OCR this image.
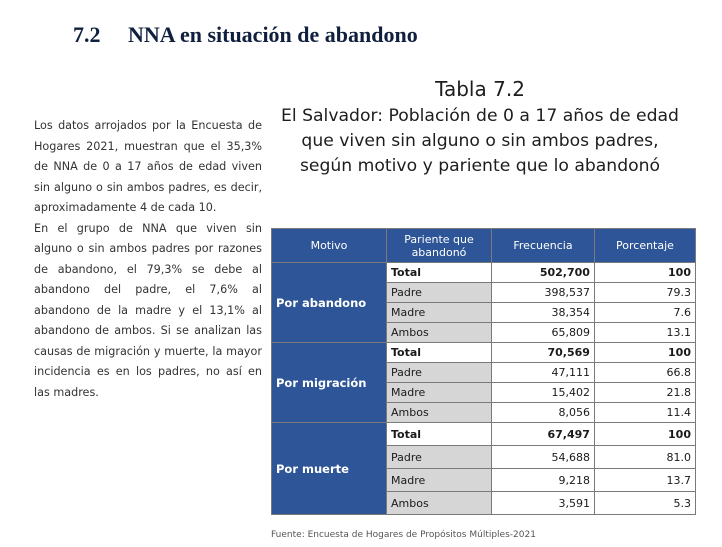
7.2 NNA en situación de abandono

Los datos arrojados por la Encuesta de Hogares 2021, muestran que el 35,3% de NNA de 0 a 17 años de edad viven sin alguno o sin ambos padres, es decir, aproximadamente 4 de cada 10.

En el grupo de NNA que viven sin alguno o sin ambos padres por razones de abandono, el 79,3% se debe al abandono del padre, el 7,6% al abandono de la madre y el 13,1% al abandono de ambos. Si se analizan las causas de migración y muerte, la mayor incidencia es en los padres, no así en las madres.

Tabla 7.2
El Salvador: Población de 0 a 17 años de edad que viven sin alguno o sin ambos padres, según motivo y pariente que lo abandonó
Motivo	Pariente que abandonó	Frecuencia	Porcentaje
Por abandono	Total	502,700	100
	Padre	398,537	79.3
	Madre	38,354	7.6
	Ambos	65,809	13.1
Por migración	Total	70,569	100
	Padre	47,111	66.8
	Madre	15,402	21.8
	Ambos	8,056	11.4
Por muerte	Total	67,497	100
	Padre	54,688	81.0
	Madre	9,218	13.7
	Ambos	3,591	5.3
Fuente: Encuesta de Hogares de Propósitos Múltiples-2021
